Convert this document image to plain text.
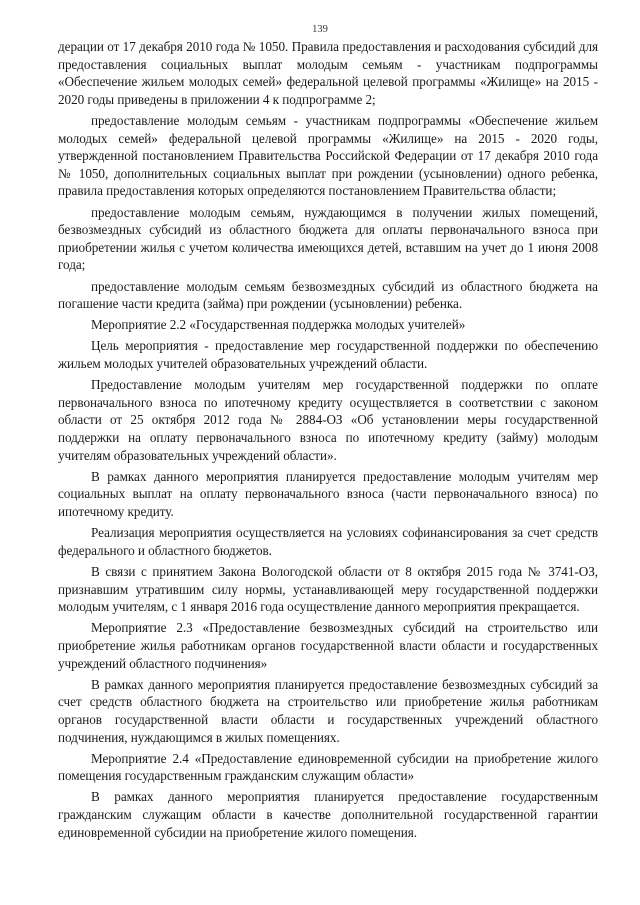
139

дерации от 17 декабря 2010 года № 1050. Правила предоставления и расходования субсидий для предоставления социальных выплат молодым семьям - участникам подпрограммы «Обеспечение жильем молодых семей» федеральной целевой программы «Жилище» на 2015 - 2020 годы приведены в приложении 4 к подпрограмме 2;

предоставление молодым семьям - участникам подпрограммы «Обеспечение жильем молодых семей» федеральной целевой программы «Жилище» на 2015 - 2020 годы, утвержденной постановлением Правительства Российской Федерации от 17 декабря 2010 года № 1050, дополнительных социальных выплат при рождении (усыновлении) одного ребенка, правила предоставления которых определяются постановлением Правительства области;

предоставление молодым семьям, нуждающимся в получении жилых помещений, безвозмездных субсидий из областного бюджета для оплаты первоначального взноса при приобретении жилья с учетом количества имеющихся детей, вставшим на учет до 1 июня 2008 года;

предоставление молодым семьям безвозмездных субсидий из областного бюджета на погашение части кредита (займа) при рождении (усыновлении) ребенка.

Мероприятие 2.2 «Государственная поддержка молодых учителей»

Цель мероприятия - предоставление мер государственной поддержки по обеспечению жильем молодых учителей образовательных учреждений области.

Предоставление молодым учителям мер государственной поддержки по оплате первоначального взноса по ипотечному кредиту осуществляется в соответствии с законом области от 25 октября 2012 года № 2884-ОЗ «Об установлении меры государственной поддержки на оплату первоначального взноса по ипотечному кредиту (займу) молодым учителям образовательных учреждений области».

В рамках данного мероприятия планируется предоставление молодым учителям мер социальных выплат на оплату первоначального взноса (части первоначального взноса) по ипотечному кредиту.

Реализация мероприятия осуществляется на условиях софинансирования за счет средств федерального и областного бюджетов.

В связи с принятием Закона Вологодской области от 8 октября 2015 года № 3741-ОЗ, признавшим утратившим силу нормы, устанавливающей меру государственной поддержки молодым учителям, с 1 января 2016 года осуществление данного мероприятия прекращается.

Мероприятие 2.3 «Предоставление безвозмездных субсидий на строительство или приобретение жилья работникам органов государственной власти области и государственных учреждений областного подчинения»

В рамках данного мероприятия планируется предоставление безвозмездных субсидий за счет средств областного бюджета на строительство или приобретение жилья работникам органов государственной власти области и государственных учреждений областного подчинения, нуждающимся в жилых помещениях.

Мероприятие 2.4 «Предоставление единовременной субсидии на приобретение жилого помещения государственным гражданским служащим области»

В рамках данного мероприятия планируется предоставление государственным гражданским служащим области в качестве дополнительной государственной гарантии единовременной субсидии на приобретение жилого помещения.
